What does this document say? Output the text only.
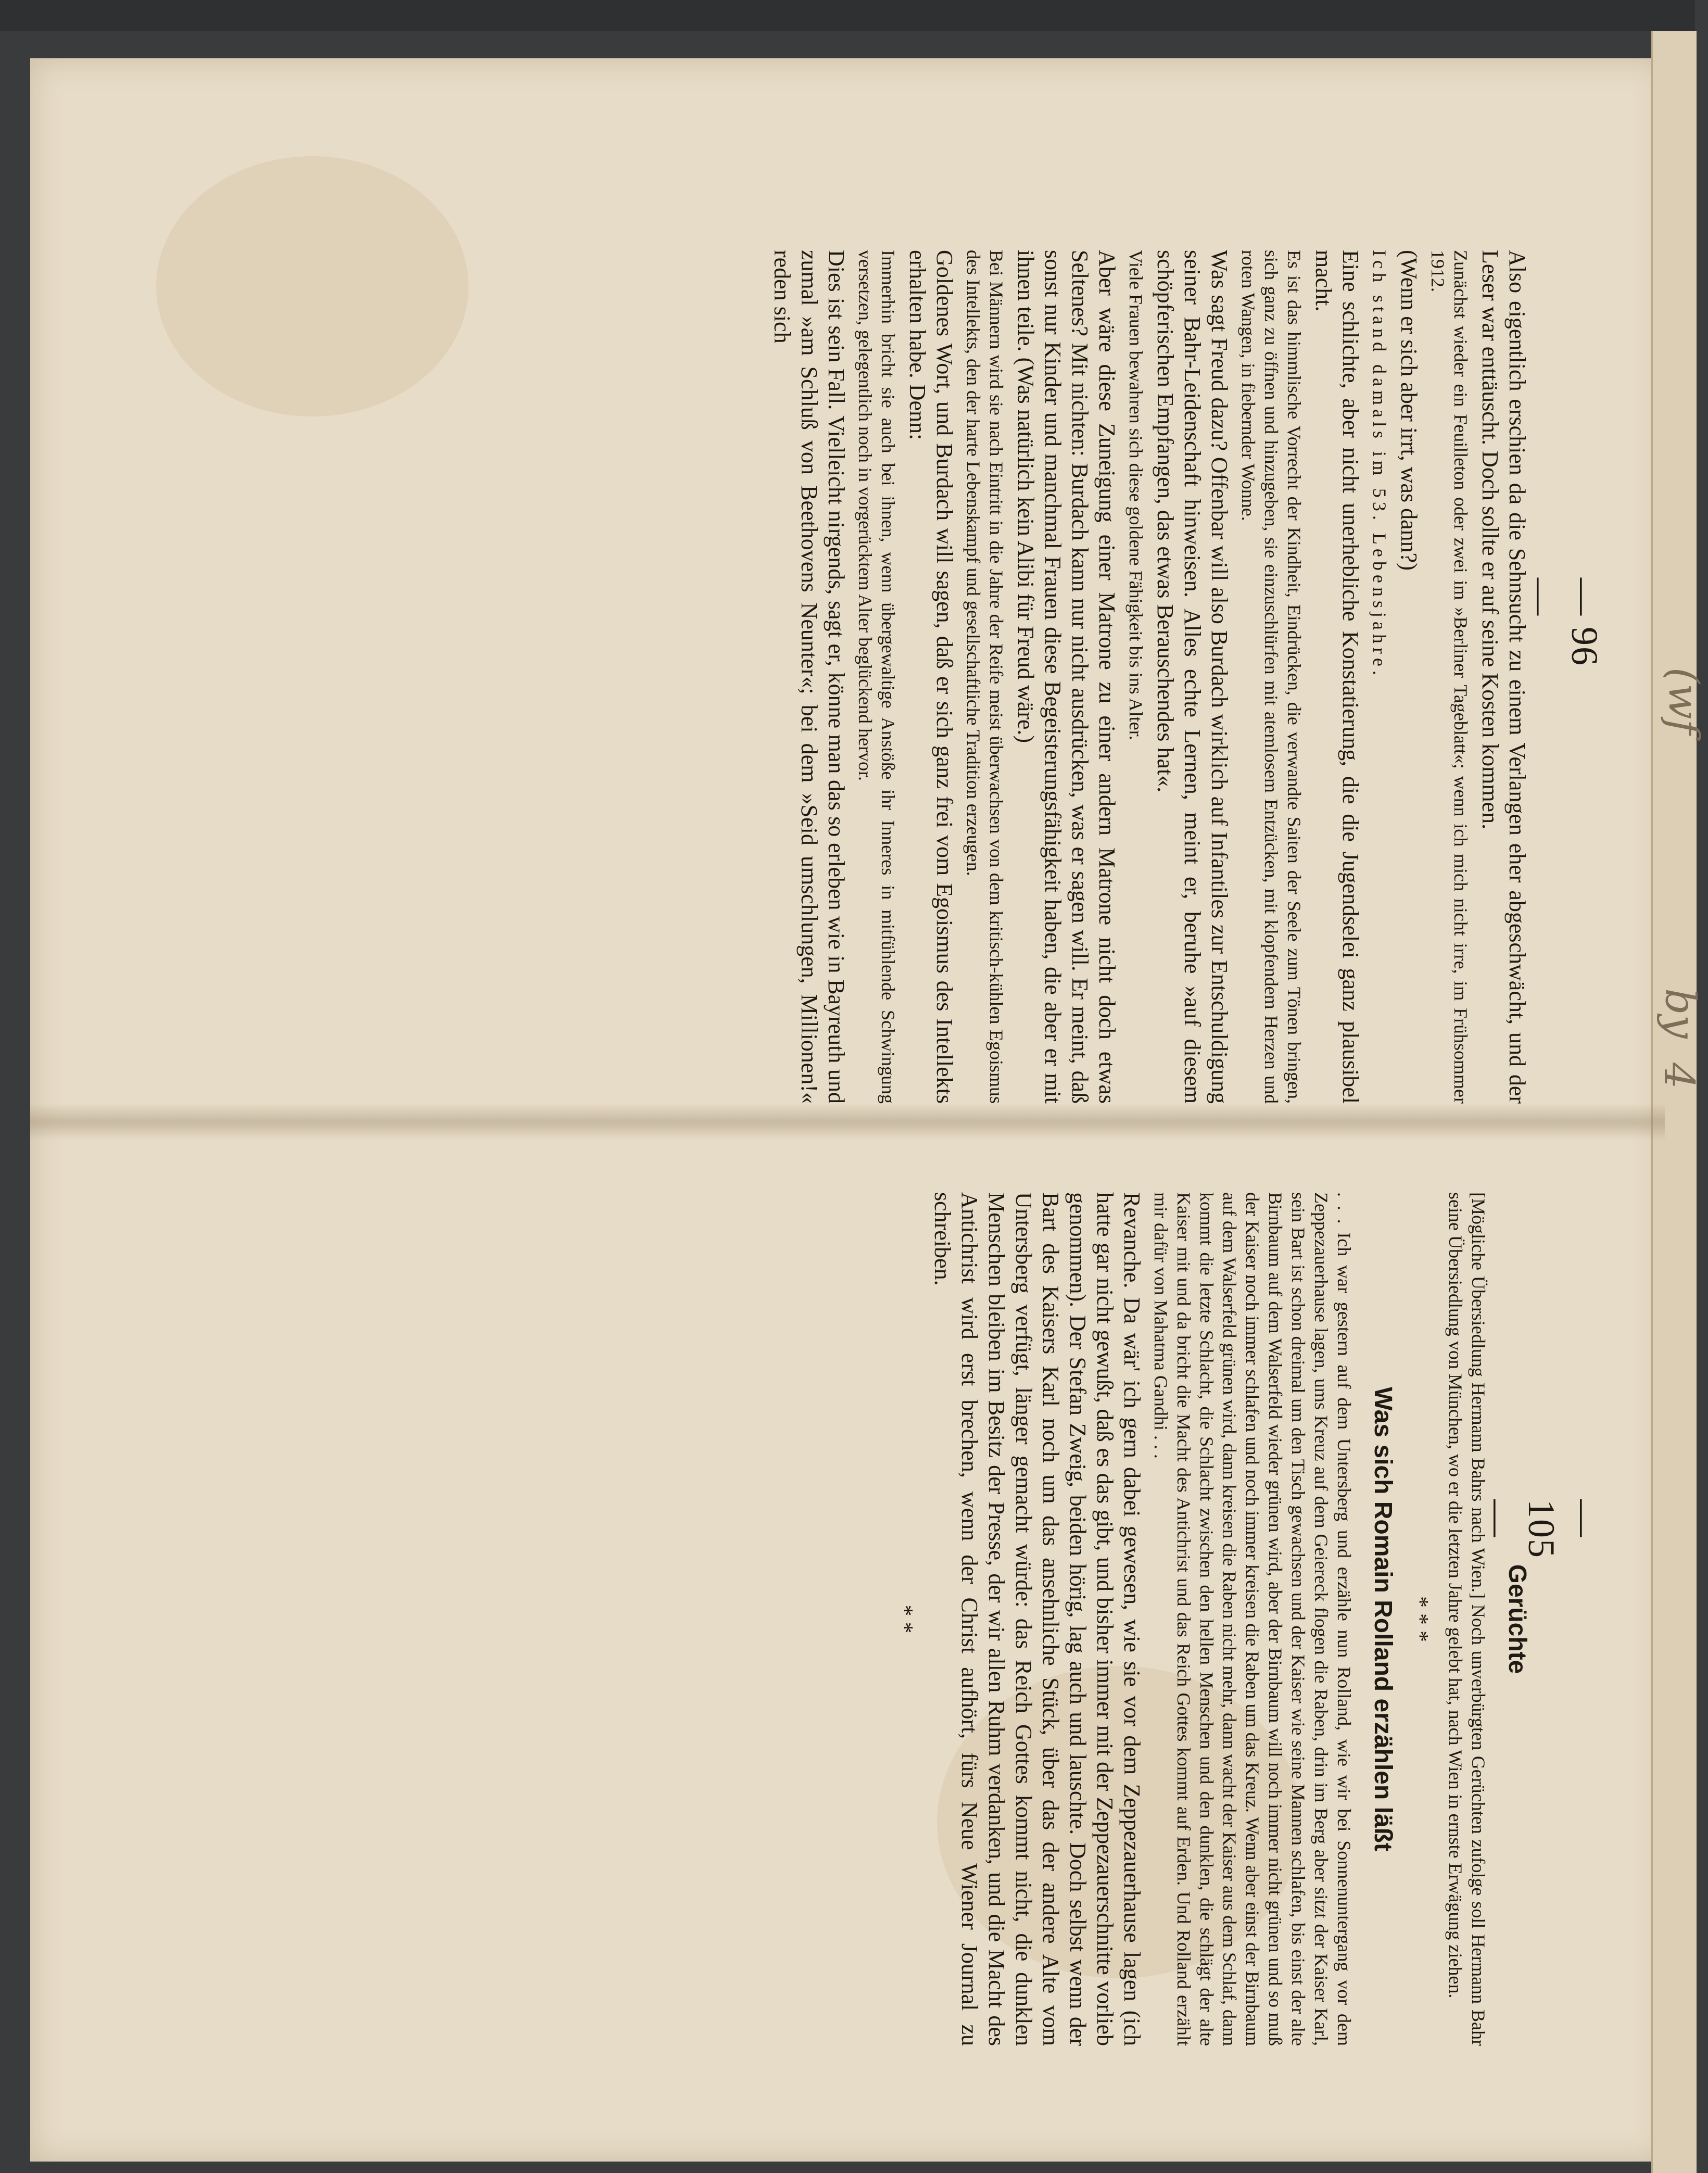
(wf
by
4
— 96 —

Also eigentlich erschien da die Sehnsucht zu einem Verlangen eher abgeschwächt, und der Leser war enttäuscht. Doch sollte er auf seine Kosten kommen.

Zunächst wieder ein Feuilleton oder zwei im »Berliner Tageblatt«; wenn ich mich nicht irre, im Frühsommer 1912.

(Wenn er sich aber irrt, was dann?)

Ich stand damals im 53. Lebensjahre.

Eine schlichte, aber nicht unerhebliche Konstatierung, die die Jugendselei ganz plausibel macht.

Es ist das himmlische Vorrecht der Kindheit, Eindrücken, die verwandte Saiten der Seele zum Tönen bringen, sich ganz zu öffnen und hinzugeben, sie einzuschlürfen mit atemlosem Entzücken, mit klopfendem Herzen und roten Wangen, in fiebernder Wonne.

Was sagt Freud dazu? Offenbar will also Burdach wirklich auf Infantiles zur Entschuldigung seiner Bahr-Leidenschaft hinweisen. Alles echte Lernen, meint er, beruhe »auf diesem schöpferischen Empfangen, das etwas Berauschendes hat«.

Viele Frauen bewahren sich diese goldene Fähigkeit bis ins Alter.

Aber wäre diese Zuneigung einer Matrone zu einer andern Matrone nicht doch etwas Seltenes? Mit nichten: Burdach kann nur nicht ausdrücken, was er sagen will. Er meint, daß sonst nur Kinder und manchmal Frauen diese Begeisterungsfähigkeit haben, die aber er mit ihnen teile. (Was natürlich kein Alibi für Freud wäre.)

Bei Männern wird sie nach Eintritt in die Jahre der Reife meist überwachsen von dem kritisch-kühlen Egoismus des Intellekts, den der harte Lebenskampf und gesellschaftliche Tradition erzeugen.

Goldenes Wort, und Burdach will sagen, daß er sich ganz frei vom Egoismus des Intellekts erhalten habe. Denn:

Immerhin bricht sie auch bei ihnen, wenn übergewaltige Anstöße ihr Inneres in mitfühlende Schwingung versetzen, gelegentlich noch in vorgerücktem Alter beglückend hervor.

Dies ist sein Fall. Vielleicht nirgends, sagt er, könne man das so erleben wie in Bayreuth und zumal »am Schluß von Beethovens Neunter«; bei dem »Seid umschlungen, Millionen!« reden sich

— 105 —
Gerüchte

[Mögliche Übersiedlung Hermann Bahrs nach Wien.] Noch unverbürgten Gerüchten zufolge soll Hermann Bahr seine Übersiedlung von München, wo er die letzten Jahre gelebt hat, nach Wien in ernste Erwägung ziehen.

* * *
Was sich Romain Rolland erzählen läßt

. . . Ich war gestern auf dem Untersberg und erzähle nun Rolland, wie wir bei Sonnenuntergang vor dem Zeppezauerhause lagen, ums Kreuz auf dem Geiereck flogen die Raben, drin im Berg aber sitzt der Kaiser Karl, sein Bart ist schon dreimal um den Tisch gewachsen und der Kaiser wie seine Mannen schlafen, bis einst der alte Birnbaum auf dem Walserfeld wieder grünen wird, aber der Birnbaum will noch immer nicht grünen und so muß der Kaiser noch immer schlafen und noch immer kreisen die Raben um das Kreuz. Wenn aber einst der Birnbaum auf dem Walserfeld grünen wird, dann kreisen die Raben nicht mehr, dann wacht der Kaiser aus dem Schlaf, dann kommt die letzte Schlacht, die Schlacht zwischen den hellen Menschen und den dunklen, die schlägt der alte Kaiser mit und da bricht die Macht des Antichrist und das Reich Gottes kommt auf Erden. Und Rolland erzählt mir dafür von Mahatma Gandhi . . .

Revanche. Da wär' ich gern dabei gewesen, wie sie vor dem Zeppezauerhause lagen (ich hatte gar nicht gewußt, daß es das gibt, und bisher immer mit der Zeppezauerschnitte vorlieb genommen). Der Stefan Zweig, beiden hörig, lag auch und lauschte. Doch selbst wenn der Bart des Kaisers Karl noch um das ansehnliche Stück, über das der andere Alte vom Untersberg verfügt, länger gemacht würde: das Reich Gottes kommt nicht, die dunklen Menschen bleiben im Besitz der Presse, der wir allen Ruhm verdanken, und die Macht des Antichrist wird erst brechen, wenn der Christ aufhört, fürs Neue Wiener Journal zu schreiben.

* *
